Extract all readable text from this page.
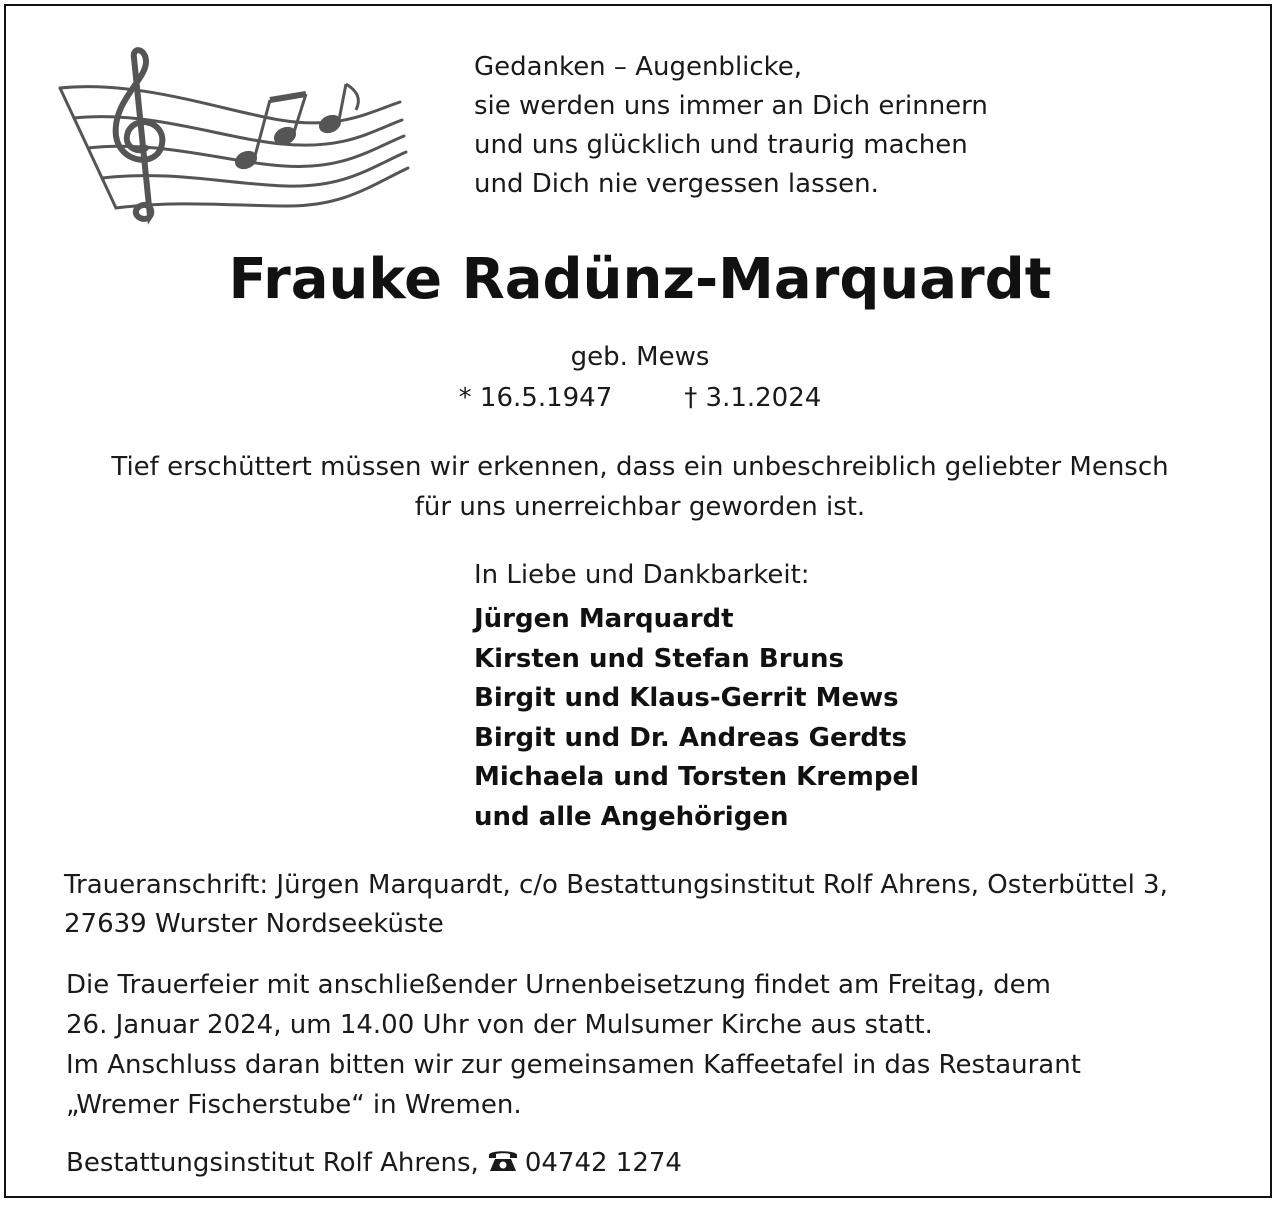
Gedanken – Augenblicke,
sie werden uns immer an Dich erinnern
und uns glücklich und traurig machen
und Dich nie vergessen lassen.
Frauke Radünz-Marquardt
geb. Mews
* 16.5.1947	† 3.1.2024
Tief erschüttert müssen wir erkennen, dass ein unbeschreiblich geliebter Mensch
für uns unerreichbar geworden ist.
In Liebe und Dankbarkeit:
Jürgen Marquardt
Kirsten und Stefan Bruns
Birgit und Klaus-Gerrit Mews
Birgit und Dr. Andreas Gerdts
Michaela und Torsten Krempel
und alle Angehörigen
Traueranschrift: Jürgen Marquardt, c/o Bestattungsinstitut Rolf Ahrens, Osterbüttel 3,
27639 Wurster Nordseeküste
Die Trauerfeier mit anschließender Urnenbeisetzung findet am Freitag, dem
26. Januar 2024, um 14.00 Uhr von der Mulsumer Kirche aus statt.
Im Anschluss daran bitten wir zur gemeinsamen Kaffeetafel in das Restaurant
„Wremer Fischerstube“ in Wremen.
Bestattungsinstitut Rolf Ahrens, 04742 1274
